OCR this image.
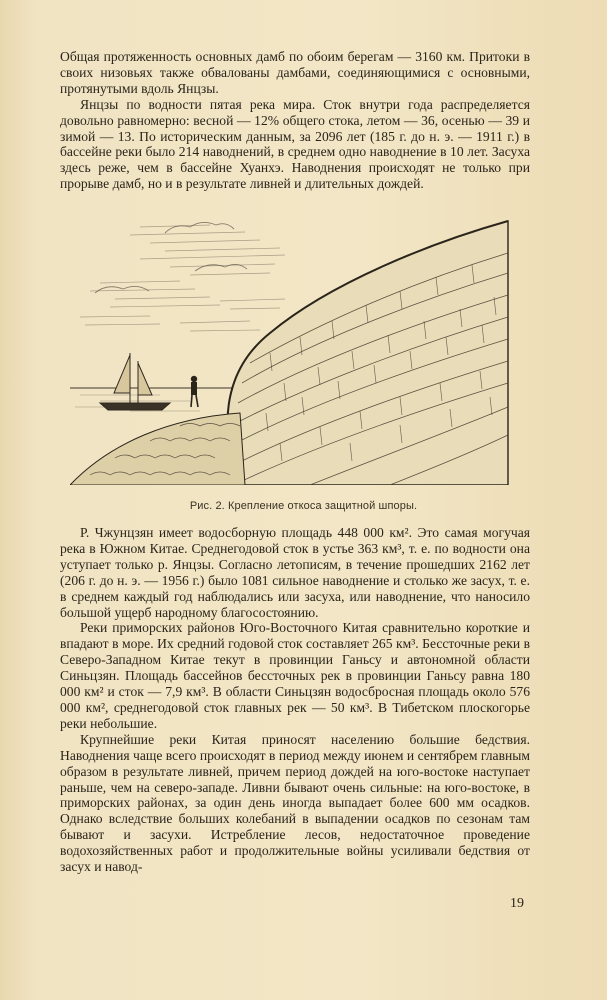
Общая протяженность основных дамб по обоим берегам — 3160 км. Притоки в своих низовьях также обвалованы дамбами, соединяющимися с основными, протянутыми вдоль Янцзы.

Янцзы по водности пятая река мира. Сток внутри года распределяется довольно равномерно: весной — 12% общего стока, летом — 36, осенью — 39 и зимой — 13. По историческим данным, за 2096 лет (185 г. до н. э. — 1911 г.) в бассейне реки было 214 наводнений, в среднем одно наводнение в 10 лет. Засуха здесь реже, чем в бассейне Хуанхэ. Наводнения происходят не только при прорыве дамб, но и в результате ливней и длительных дождей.

Рис. 2. Крепление откоса защитной шпоры.

Р. Чжунцзян имеет водосборную площадь 448 000 км². Это самая могучая река в Южном Китае. Среднегодовой сток в устье 363 км³, т. е. по водности она уступает только р. Янцзы. Согласно летописям, в течение прошедших 2162 лет (206 г. до н. э. — 1956 г.) было 1081 сильное наводнение и столько же засух, т. е. в среднем каждый год наблюдались или засуха, или наводнение, что наносило большой ущерб народному благосостоянию.

Реки приморских районов Юго-Восточного Китая сравнительно короткие и впадают в море. Их средний годовой сток составляет 265 км³. Бессточные реки в Северо-Западном Китае текут в провинции Ганьсу и автономной области Синьцзян. Площадь бассейнов бессточных рек в провинции Ганьсу равна 180 000 км² и сток — 7,9 км³. В области Синьцзян водосбросная площадь около 576 000 км², среднегодовой сток главных рек — 50 км³. В Тибетском плоскогорье реки небольшие.

Крупнейшие реки Китая приносят населению большие бедствия. Наводнения чаще всего происходят в период между июнем и сентябрем главным образом в результате ливней, причем период дождей на юго-востоке наступает раньше, чем на северо-западе. Ливни бывают очень сильные: на юго-востоке, в приморских районах, за один день иногда выпадает более 600 мм осадков. Однако вследствие больших колебаний в выпадении осадков по сезонам там бывают и засухи. Истребление лесов, недостаточное проведение водохозяйственных работ и продолжительные войны усиливали бедствия от засух и навод-

19
